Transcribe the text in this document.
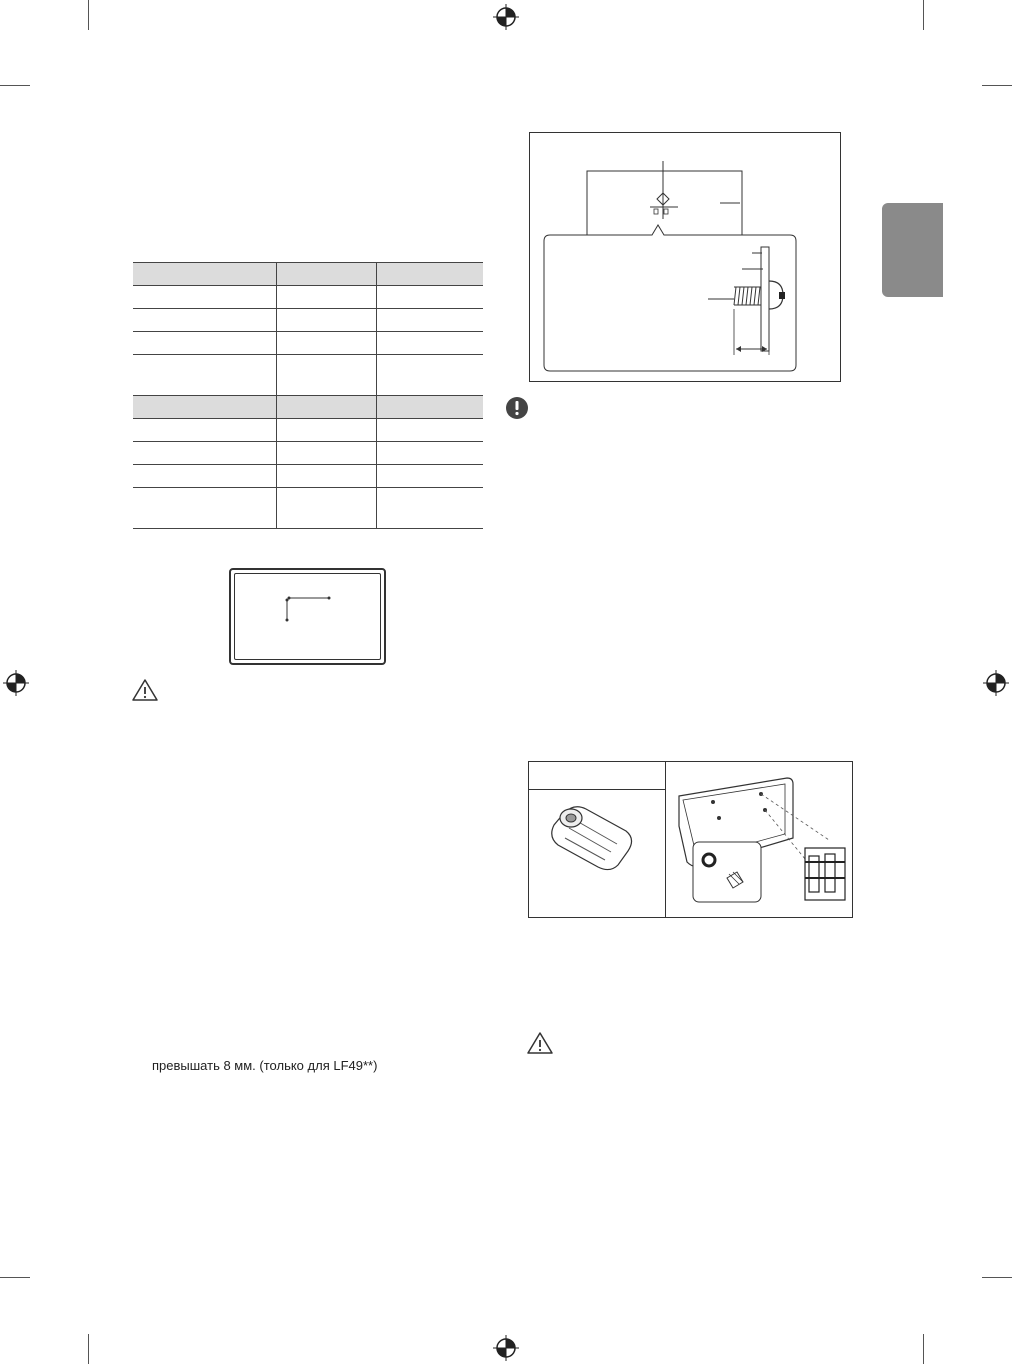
превышать 8 мм. (только для LF49**)
